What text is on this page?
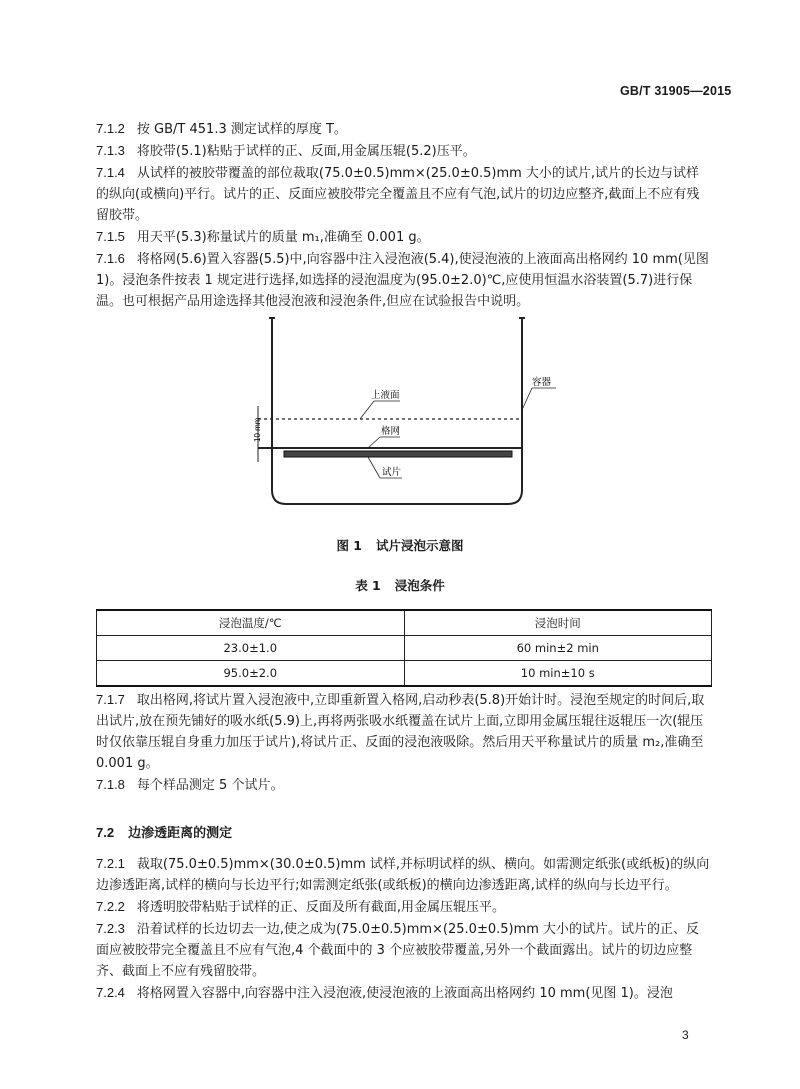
GB/T 31905—2015

7.1.2 按 GB/T 451.3 测定试样的厚度 T。

7.1.3 将胶带(5.1)粘贴于试样的正、反面,用金属压辊(5.2)压平。

7.1.4 从试样的被胶带覆盖的部位裁取(75.0±0.5)mm×(25.0±0.5)mm 大小的试片,试片的长边与试样的纵向(或横向)平行。试片的正、反面应被胶带完全覆盖且不应有气泡,试片的切边应整齐,截面上不应有残留胶带。

7.1.5 用天平(5.3)称量试片的质量 m₁,准确至 0.001 g。

7.1.6 将格网(5.6)置入容器(5.5)中,向容器中注入浸泡液(5.4),使浸泡液的上液面高出格网约 10 mm(见图 1)。浸泡条件按表 1 规定进行选择,如选择的浸泡温度为(95.0±2.0)℃,应使用恒温水浴装置(5.7)进行保温。也可根据产品用途选择其他浸泡液和浸泡条件,但应在试验报告中说明。

10 mm
上液面
容器
格网
试片
图 1 试片浸泡示意图
表 1 浸泡条件
浸泡温度/℃	浸泡时间
23.0±1.0	60 min±2 min
95.0±2.0	10 min±10 s

7.1.7 取出格网,将试片置入浸泡液中,立即重新置入格网,启动秒表(5.8)开始计时。浸泡至规定的时间后,取出试片,放在预先铺好的吸水纸(5.9)上,再将两张吸水纸覆盖在试片上面,立即用金属压辊往返辊压一次(辊压时仅依靠压辊自身重力加压于试片),将试片正、反面的浸泡液吸除。然后用天平称量试片的质量 m₂,准确至 0.001 g。

7.1.8 每个样品测定 5 个试片。

7.2 边渗透距离的测定

7.2.1 裁取(75.0±0.5)mm×(30.0±0.5)mm 试样,并标明试样的纵、横向。如需测定纸张(或纸板)的纵向边渗透距离,试样的横向与长边平行;如需测定纸张(或纸板)的横向边渗透距离,试样的纵向与长边平行。

7.2.2 将透明胶带粘贴于试样的正、反面及所有截面,用金属压辊压平。

7.2.3 沿着试样的长边切去一边,使之成为(75.0±0.5)mm×(25.0±0.5)mm 大小的试片。试片的正、反面应被胶带完全覆盖且不应有气泡,4 个截面中的 3 个应被胶带覆盖,另外一个截面露出。试片的切边应整齐、截面上不应有残留胶带。

7.2.4 将格网置入容器中,向容器中注入浸泡液,使浸泡液的上液面高出格网约 10 mm(见图 1)。浸泡

3
